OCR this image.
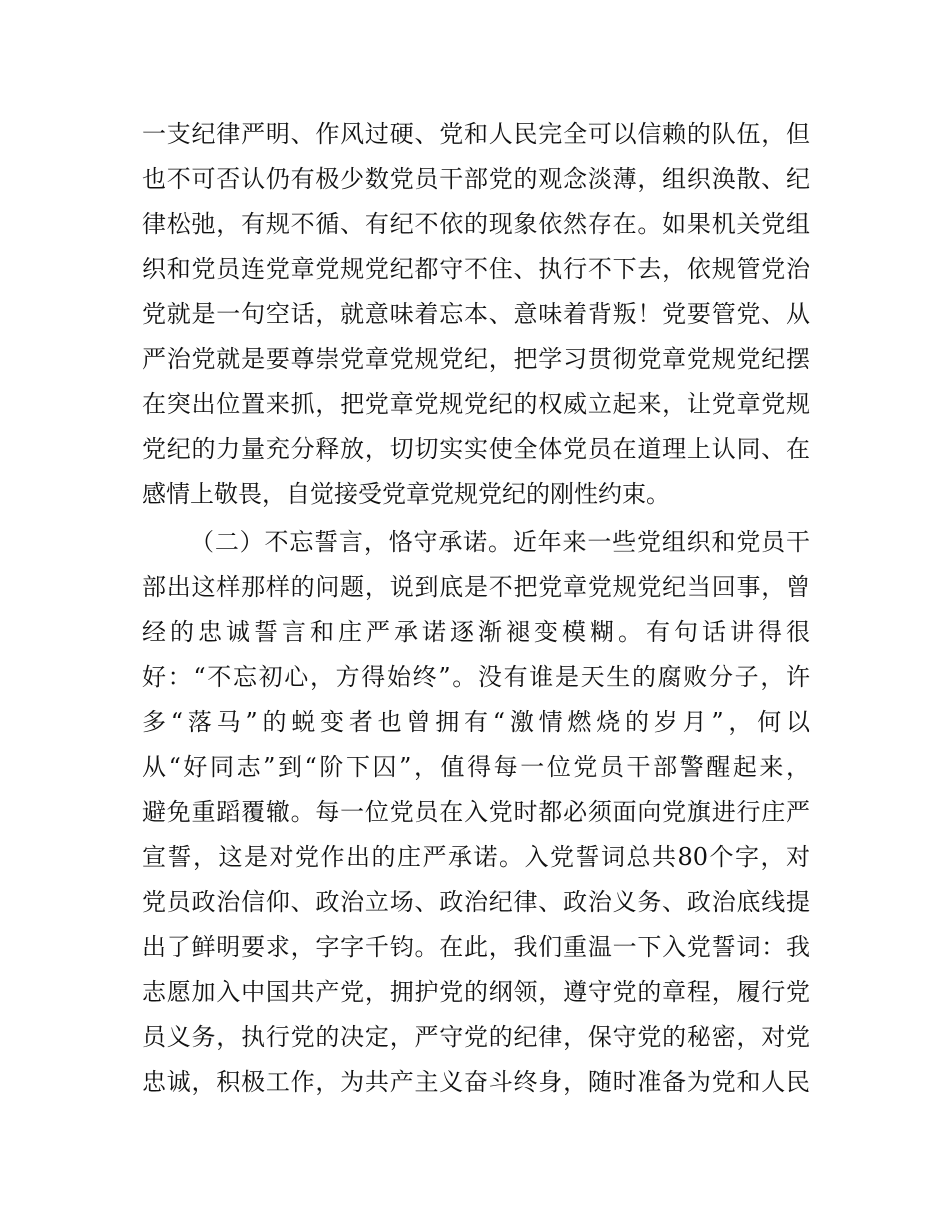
一支纪律严明、作风过硬、党和人民完全可以信赖的队伍，但
也不可否认仍有极少数党员干部党的观念淡薄，组织涣散、纪
律松弛，有规不循、有纪不依的现象依然存在。如果机关党组
织和党员连党章党规党纪都守不住、执行不下去，依规管党治
党就是一句空话，就意味着忘本、意味着背叛！党要管党、从
严治党就是要尊崇党章党规党纪，把学习贯彻党章党规党纪摆
在突出位置来抓，把党章党规党纪的权威立起来，让党章党规
党纪的力量充分释放，切切实实使全体党员在道理上认同、在
感情上敬畏，自觉接受党章党规党纪的刚性约束。
（二）不忘誓言，恪守承诺。近年来一些党组织和党员干
部出这样那样的问题，说到底是不把党章党规党纪当回事，曾
经的忠诚誓言和庄严承诺逐渐褪变模糊。有句话讲得很
好：“不忘初心，方得始终”。没有谁是天生的腐败分子，许
多“落马”的蜕变者也曾拥有“激情燃烧的岁月”，何以
从“好同志”到“阶下囚”，值得每一位党员干部警醒起来，
避免重蹈覆辙。每一位党员在入党时都必须面向党旗进行庄严
宣誓，这是对党作出的庄严承诺。入党誓词总共80个字，对
党员政治信仰、政治立场、政治纪律、政治义务、政治底线提
出了鲜明要求，字字千钧。在此，我们重温一下入党誓词：我
志愿加入中国共产党，拥护党的纲领，遵守党的章程，履行党
员义务，执行党的决定，严守党的纪律，保守党的秘密，对党
忠诚，积极工作，为共产主义奋斗终身，随时准备为党和人民
